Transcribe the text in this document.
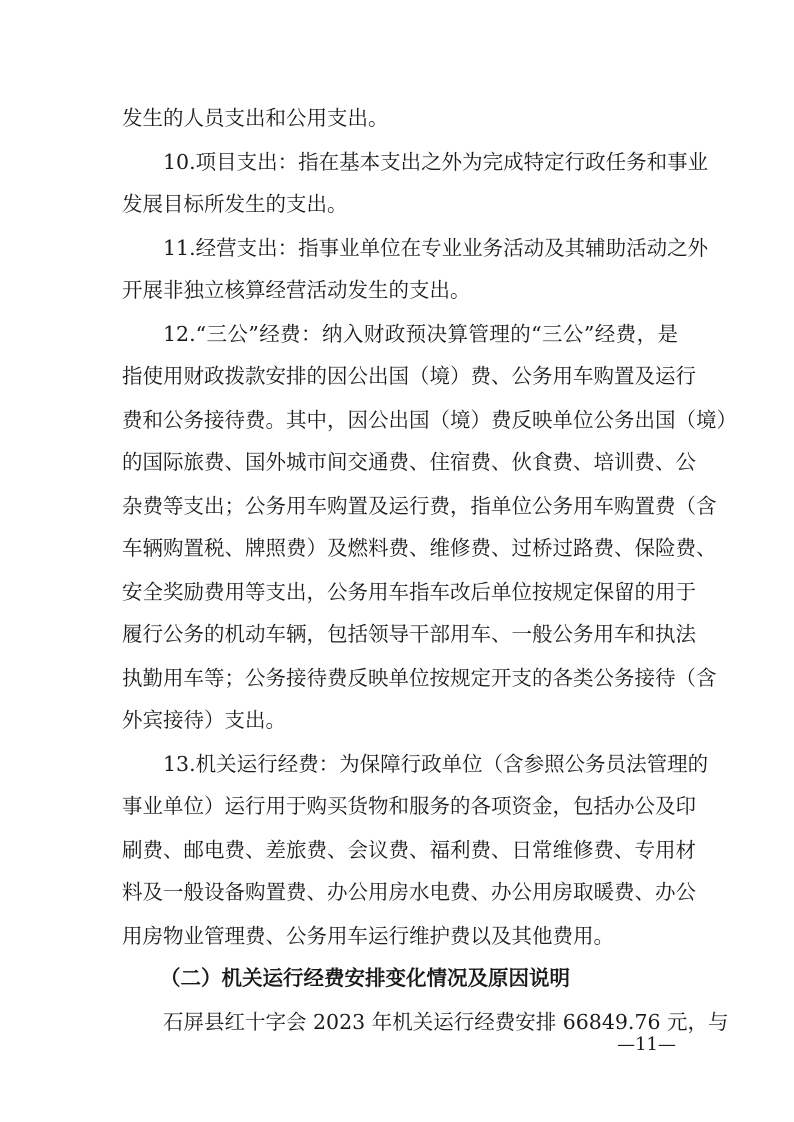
发生的人员支出和公用支出。
10.项目支出：指在基本支出之外为完成特定行政任务和事业
发展目标所发生的支出。
11.经营支出：指事业单位在专业业务活动及其辅助活动之外
开展非独立核算经营活动发生的支出。
12.“三公”经费：纳入财政预决算管理的“三公”经费，是
指使用财政拨款安排的因公出国（境）费、公务用车购置及运行
费和公务接待费。其中，因公出国（境）费反映单位公务出国（境）
的国际旅费、国外城市间交通费、住宿费、伙食费、培训费、公
杂费等支出；公务用车购置及运行费，指单位公务用车购置费（含
车辆购置税、牌照费）及燃料费、维修费、过桥过路费、保险费、
安全奖励费用等支出，公务用车指车改后单位按规定保留的用于
履行公务的机动车辆，包括领导干部用车、一般公务用车和执法
执勤用车等；公务接待费反映单位按规定开支的各类公务接待（含
外宾接待）支出。
13.机关运行经费：为保障行政单位（含参照公务员法管理的
事业单位）运行用于购买货物和服务的各项资金，包括办公及印
刷费、邮电费、差旅费、会议费、福利费、日常维修费、专用材
料及一般设备购置费、办公用房水电费、办公用房取暖费、办公
用房物业管理费、公务用车运行维护费以及其他费用。
（二）机关运行经费安排变化情况及原因说明
石屏县红十字会 2023 年机关运行经费安排 66849.76 元，与
—11—
